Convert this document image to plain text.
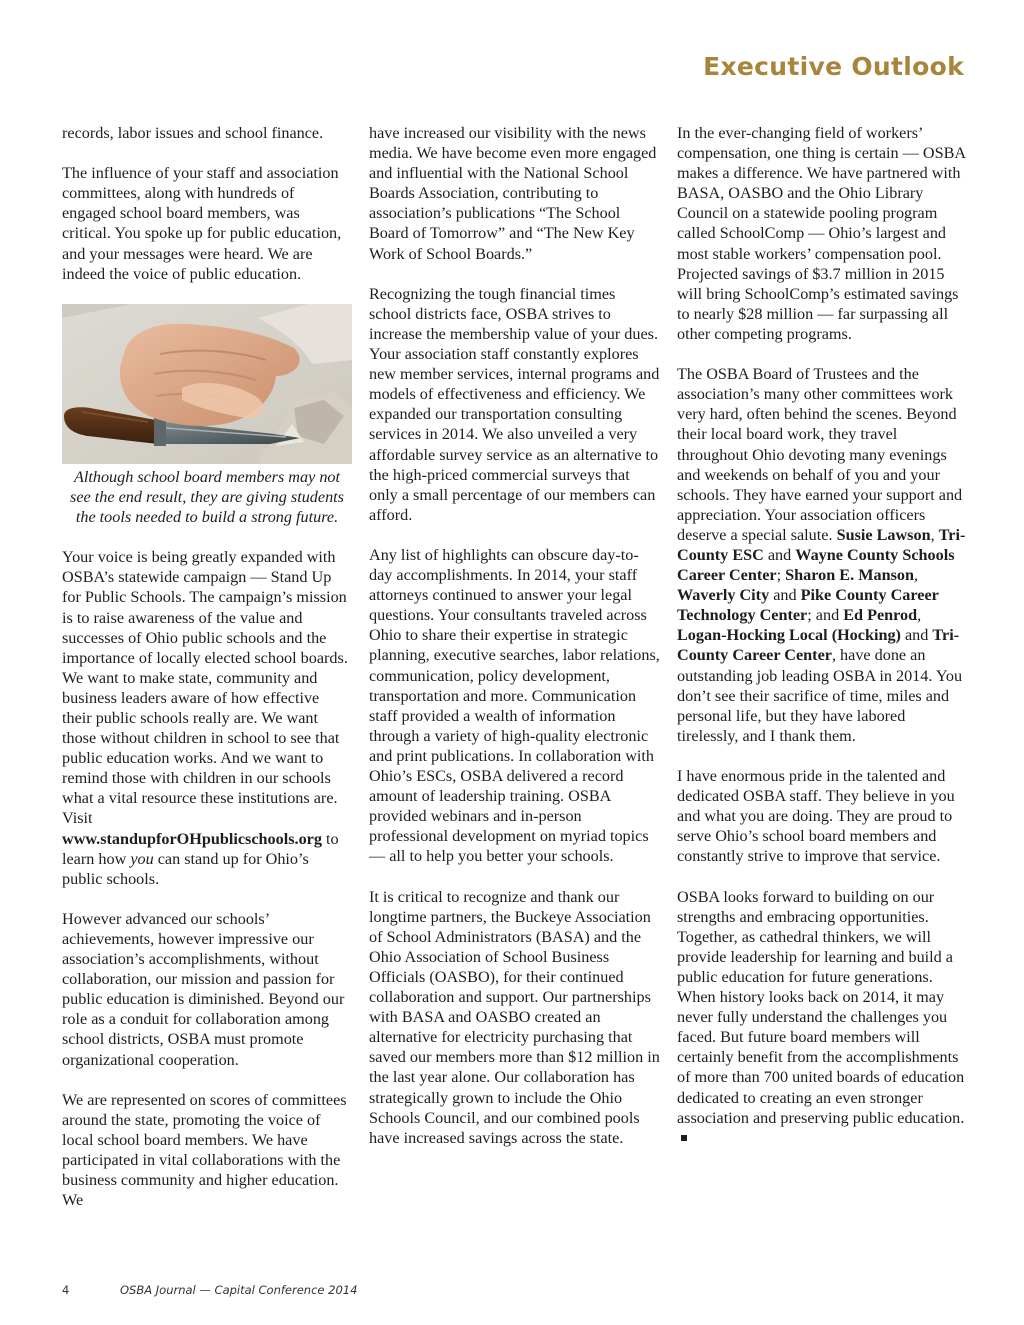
Executive Outlook

records, labor issues and school finance.

The influence of your staff and association committees, along with hundreds of engaged school board members, was critical. You spoke up for public education, and your messages were heard. We are indeed the voice of public education.

Although school board members may not see the end result, they are giving students the tools needed to build a strong future.

Your voice is being greatly expanded with OSBA’s statewide campaign — Stand Up for Public Schools. The campaign’s mission is to raise awareness of the value and successes of Ohio public schools and the importance of locally elected school boards. We want to make state, community and business leaders aware of how effective their public schools really are. We want those without children in school to see that public education works. And we want to remind those with children in our schools what a vital resource these institutions are. Visit www.standupforOHpublicschools.org to learn how you can stand up for Ohio’s public schools.

However advanced our schools’ achievements, however impressive our association’s accomplishments, without collaboration, our mission and passion for public education is diminished. Beyond our role as a conduit for collaboration among school districts, OSBA must promote organizational cooperation.

We are represented on scores of committees around the state, promoting the voice of local school board members. We have participated in vital collaborations with the business community and higher education. We

have increased our visibility with the news media. We have become even more engaged and influential with the National School Boards Association, contributing to association’s publications “The School Board of Tomorrow” and “The New Key Work of School Boards.”

Recognizing the tough financial times school districts face, OSBA strives to increase the membership value of your dues. Your association staff constantly explores new member services, internal programs and models of effectiveness and efficiency. We expanded our transportation consulting services in 2014. We also unveiled a very affordable survey service as an alternative to the high-priced commercial surveys that only a small percentage of our members can afford.

Any list of highlights can obscure day-to-day accomplishments. In 2014, your staff attorneys continued to answer your legal questions. Your consultants traveled across Ohio to share their expertise in strategic planning, executive searches, labor relations, communication, policy development, transportation and more. Communication staff provided a wealth of information through a variety of high-quality electronic and print publications. In collaboration with Ohio’s ESCs, OSBA delivered a record amount of leadership training. OSBA provided webinars and in-person professional development on myriad topics — all to help you better your schools.

It is critical to recognize and thank our longtime partners, the Buckeye Association of School Administrators (BASA) and the Ohio Association of School Business Officials (OASBO), for their continued collaboration and support. Our partnerships with BASA and OASBO created an alternative for electricity purchasing that saved our members more than $12 million in the last year alone. Our collaboration has strategically grown to include the Ohio Schools Council, and our combined pools have increased savings across the state.

In the ever-changing field of workers’ compensation, one thing is certain — OSBA makes a difference. We have partnered with BASA, OASBO and the Ohio Library Council on a statewide pooling program called SchoolComp — Ohio’s largest and most stable workers’ compensation pool. Projected savings of $3.7 million in 2015 will bring SchoolComp’s estimated savings to nearly $28 million — far surpassing all other competing programs.

The OSBA Board of Trustees and the association’s many other committees work very hard, often behind the scenes. Beyond their local board work, they travel throughout Ohio devoting many evenings and weekends on behalf of you and your schools. They have earned your support and appreciation. Your association officers deserve a special salute. Susie Lawson, Tri-County ESC and Wayne County Schools Career Center; Sharon E. Manson, Waverly City and Pike County Career Technology Center; and Ed Penrod, Logan-Hocking Local (Hocking) and Tri-County Career Center, have done an outstanding job leading OSBA in 2014. You don’t see their sacrifice of time, miles and personal life, but they have labored tirelessly, and I thank them.

I have enormous pride in the talented and dedicated OSBA staff. They believe in you and what you are doing. They are proud to serve Ohio’s school board members and constantly strive to improve that service.

OSBA looks forward to building on our strengths and embracing opportunities. Together, as cathedral thinkers, we will provide leadership for learning and build a public education for future generations. When history looks back on 2014, it may never fully understand the challenges you faced. But future board members will certainly benefit from the accomplishments of more than 700 united boards of education dedicated to creating an even stronger association and preserving public education.

4	OSBA Journal — Capital Conference 2014
